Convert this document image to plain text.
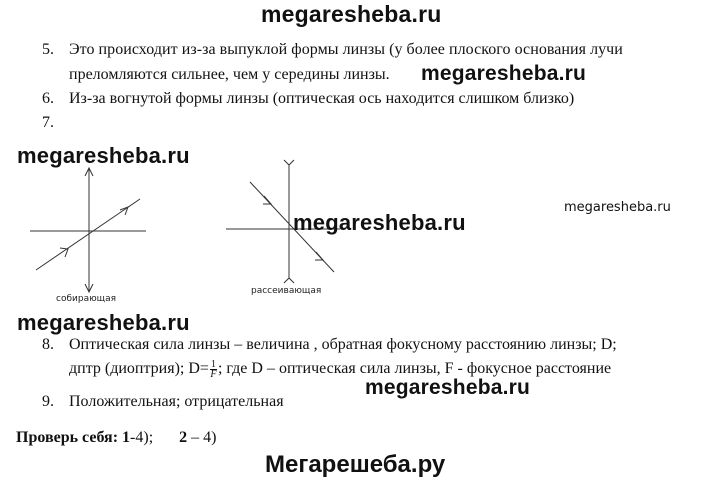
megaresheba.ru
5. Это происходит из-за выпуклой формы линзы (у более плоского основания лучи
преломляются сильнее, чем у середины линзы. megaresheba.ru
6. Из-за вогнутой формы линзы (оптическая ось находится слишком близко)
7.
megaresheba.ru
собирающая
рассеивающая
megaresheba.ru
megaresheba.ru
megaresheba.ru
8. Оптическая сила линзы – величина , обратная фокусному расстоянию линзы; D;
дптр (диоптрия); $D= \frac{1}{F}$ ; где D – оптическая сила линзы, F - фокусное расстояние
megaresheba.ru
9. Положительная; отрицательная
Проверь себя: 1-4); 2 – 4)
Мегарешеба.ру
